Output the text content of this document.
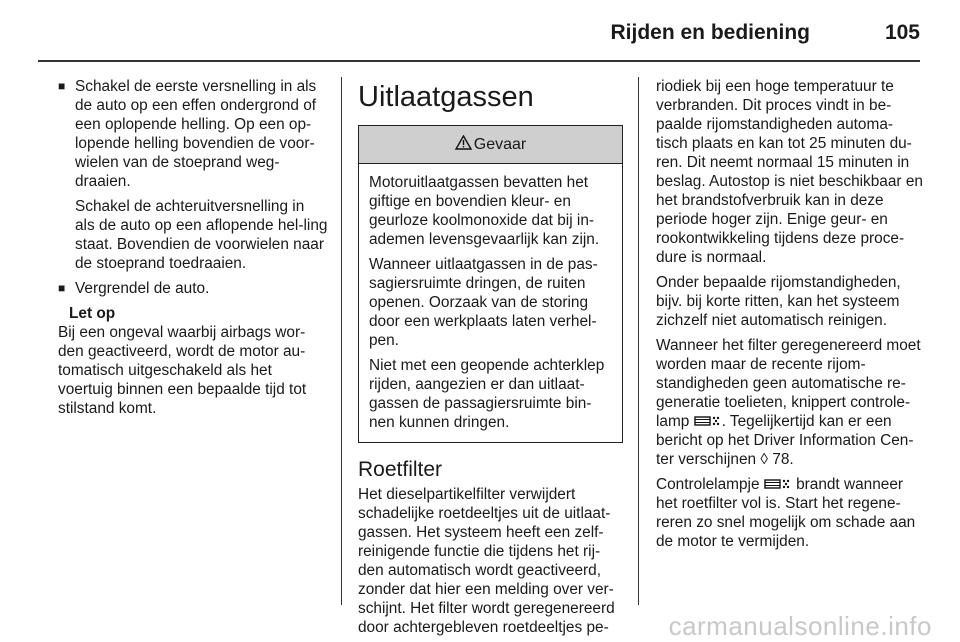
Rijden en bediening	105
■ Schakel de eerste versnelling in als de auto op een effen ondergrond of een oplopende helling. Op een op-lopende helling bovendien de voor-wielen van de stoeprand weg-draaien.
Schakel de achteruitversnelling in als de auto op een aflopende hel-ling staat. Bovendien de voorwielen naar de stoeprand toedraaien.
■ Vergrendel de auto.
Let op
Bij een ongeval waarbij airbags wor-den geactiveerd, wordt de motor au-tomatisch uitgeschakeld als het voertuig binnen een bepaalde tijd tot stilstand komt.
Uitlaatgassen
Gevaar

Motoruitlaatgassen bevatten het giftige en bovendien kleur- en geurloze koolmonoxide dat bij in-ademen levensgevaarlijk kan zijn.

Wanneer uitlaatgassen in de pas-sagiersruimte dringen, de ruiten openen. Oorzaak van de storing door een werkplaats laten verhel-pen.

Niet met een geopende achterklep rijden, aangezien er dan uitlaat-gassen de passagiersruimte bin-nen kunnen dringen.

Roetfilter

Het dieselpartikelfilter verwijdert schadelijke roetdeeltjes uit de uitlaat-gassen. Het systeem heeft een zelf-reinigende functie die tijdens het rij-den automatisch wordt geactiveerd, zonder dat hier een melding over ver-schijnt. Het filter wordt geregenereerd door achtergebleven roetdeeltjes pe-

riodiek bij een hoge temperatuur te verbranden. Dit proces vindt in be-paalde rijomstandigheden automa-tisch plaats en kan tot 25 minuten du-ren. Dit neemt normaal 15 minuten in beslag. Autostop is niet beschikbaar en het brandstofverbruik kan in deze periode hoger zijn. Enige geur- en rookontwikkeling tijdens deze proce-dure is normaal.

Onder bepaalde rijomstandigheden, bijv. bij korte ritten, kan het systeem zichzelf niet automatisch reinigen.

Wanneer het filter geregenereerd moet worden maar de recente rijom-standigheden geen automatische re-generatie toelieten, knippert controle-lamp . Tegelijkertijd kan er een bericht op het Driver Information Cen-ter verschijnen ◊ 78.

Controlelampje  brandt wanneer het roetfilter vol is. Start het regene-reren zo snel mogelijk om schade aan de motor te vermijden.

carmanualsonline.info
